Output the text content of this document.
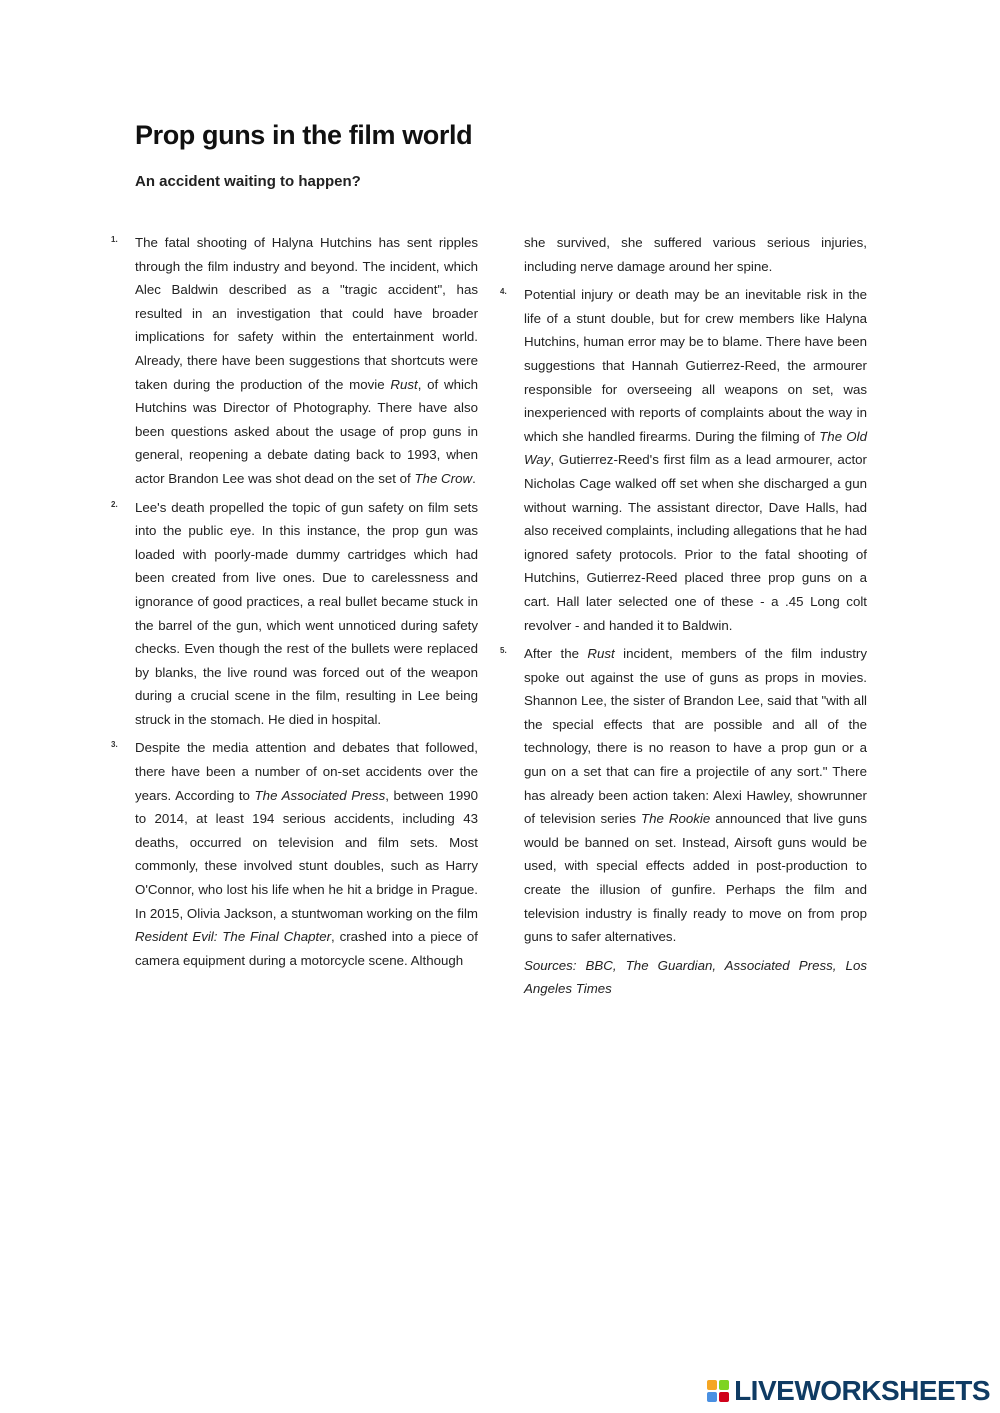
Prop guns in the film world
An accident waiting to happen?
1. The fatal shooting of Halyna Hutchins has sent ripples through the film industry and beyond. The incident, which Alec Baldwin described as a "tragic accident", has resulted in an investigation that could have broader implications for safety within the entertainment world. Already, there have been suggestions that shortcuts were taken during the production of the movie Rust, of which Hutchins was Director of Photography. There have also been questions asked about the usage of prop guns in general, reopening a debate dating back to 1993, when actor Brandon Lee was shot dead on the set of The Crow.
2. Lee's death propelled the topic of gun safety on film sets into the public eye. In this instance, the prop gun was loaded with poorly-made dummy cartridges which had been created from live ones. Due to carelessness and ignorance of good practices, a real bullet became stuck in the barrel of the gun, which went unnoticed during safety checks. Even though the rest of the bullets were replaced by blanks, the live round was forced out of the weapon during a crucial scene in the film, resulting in Lee being struck in the stomach. He died in hospital.
3. Despite the media attention and debates that followed, there have been a number of on-set accidents over the years. According to The Associated Press, between 1990 to 2014, at least 194 serious accidents, including 43 deaths, occurred on television and film sets. Most commonly, these involved stunt doubles, such as Harry O'Connor, who lost his life when he hit a bridge in Prague. In 2015, Olivia Jackson, a stuntwoman working on the film Resident Evil: The Final Chapter, crashed into a piece of camera equipment during a motorcycle scene. Although
she survived, she suffered various serious injuries, including nerve damage around her spine.
4. Potential injury or death may be an inevitable risk in the life of a stunt double, but for crew members like Halyna Hutchins, human error may be to blame. There have been suggestions that Hannah Gutierrez-Reed, the armourer responsible for overseeing all weapons on set, was inexperienced with reports of complaints about the way in which she handled firearms. During the filming of The Old Way, Gutierrez-Reed's first film as a lead armourer, actor Nicholas Cage walked off set when she discharged a gun without warning. The assistant director, Dave Halls, had also received complaints, including allegations that he had ignored safety protocols. Prior to the fatal shooting of Hutchins, Gutierrez-Reed placed three prop guns on a cart. Hall later selected one of these - a .45 Long colt revolver - and handed it to Baldwin.
5. After the Rust incident, members of the film industry spoke out against the use of guns as props in movies. Shannon Lee, the sister of Brandon Lee, said that "with all the special effects that are possible and all of the technology, there is no reason to have a prop gun or a gun on a set that can fire a projectile of any sort." There has already been action taken: Alexi Hawley, showrunner of television series The Rookie announced that live guns would be banned on set. Instead, Airsoft guns would be used, with special effects added in post-production to create the illusion of gunfire. Perhaps the film and television industry is finally ready to move on from prop guns to safer alternatives.
Sources: BBC, The Guardian, Associated Press, Los Angeles Times
LIVEWORKSHEETS
